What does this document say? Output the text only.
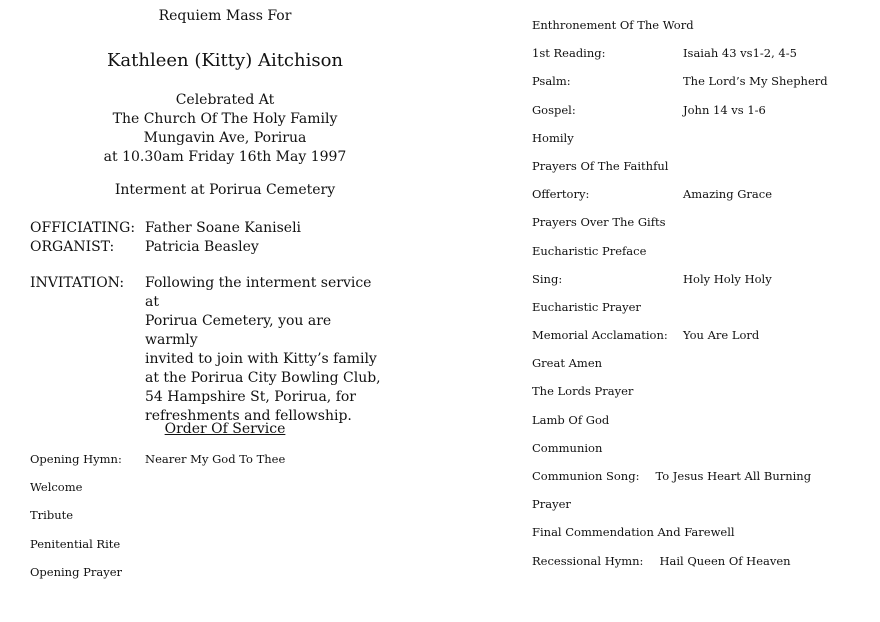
Requiem Mass For
Kathleen (Kitty) Aitchison
Celebrated At
The Church Of The Holy Family
Mungavin Ave, Porirua
at 10.30am Friday 16th May 1997
Interment at Porirua Cemetery
OFFICIATING: Father Soane Kaniseli
ORGANIST:	Patricia Beasley
INVITATION:	Following the interment service at
Porirua Cemetery, you are warmly
invited to join with Kitty’s family
at the Porirua City Bowling Club,
54 Hampshire St, Porirua, for
refreshments and fellowship.
Order Of Service
Opening Hymn:	Nearer My God To Thee
Welcome
Tribute
Penitential Rite
Opening Prayer
Enthronement Of The Word
1st Reading:	Isaiah 43 vs1-2, 4-5
Psalm:	The Lord’s My Shepherd
Gospel:	John 14 vs 1-6
Homily
Prayers Of The Faithful
Offertory:	Amazing Grace
Prayers Over The Gifts
Eucharistic Preface
Sing:	Holy Holy Holy
Eucharistic Prayer
Memorial Acclamation:	You Are Lord
Great Amen
The Lords Prayer
Lamb Of God
Communion
Communion Song: To Jesus Heart All Burning
Prayer
Final Commendation And Farewell
Recessional Hymn: Hail Queen Of Heaven
